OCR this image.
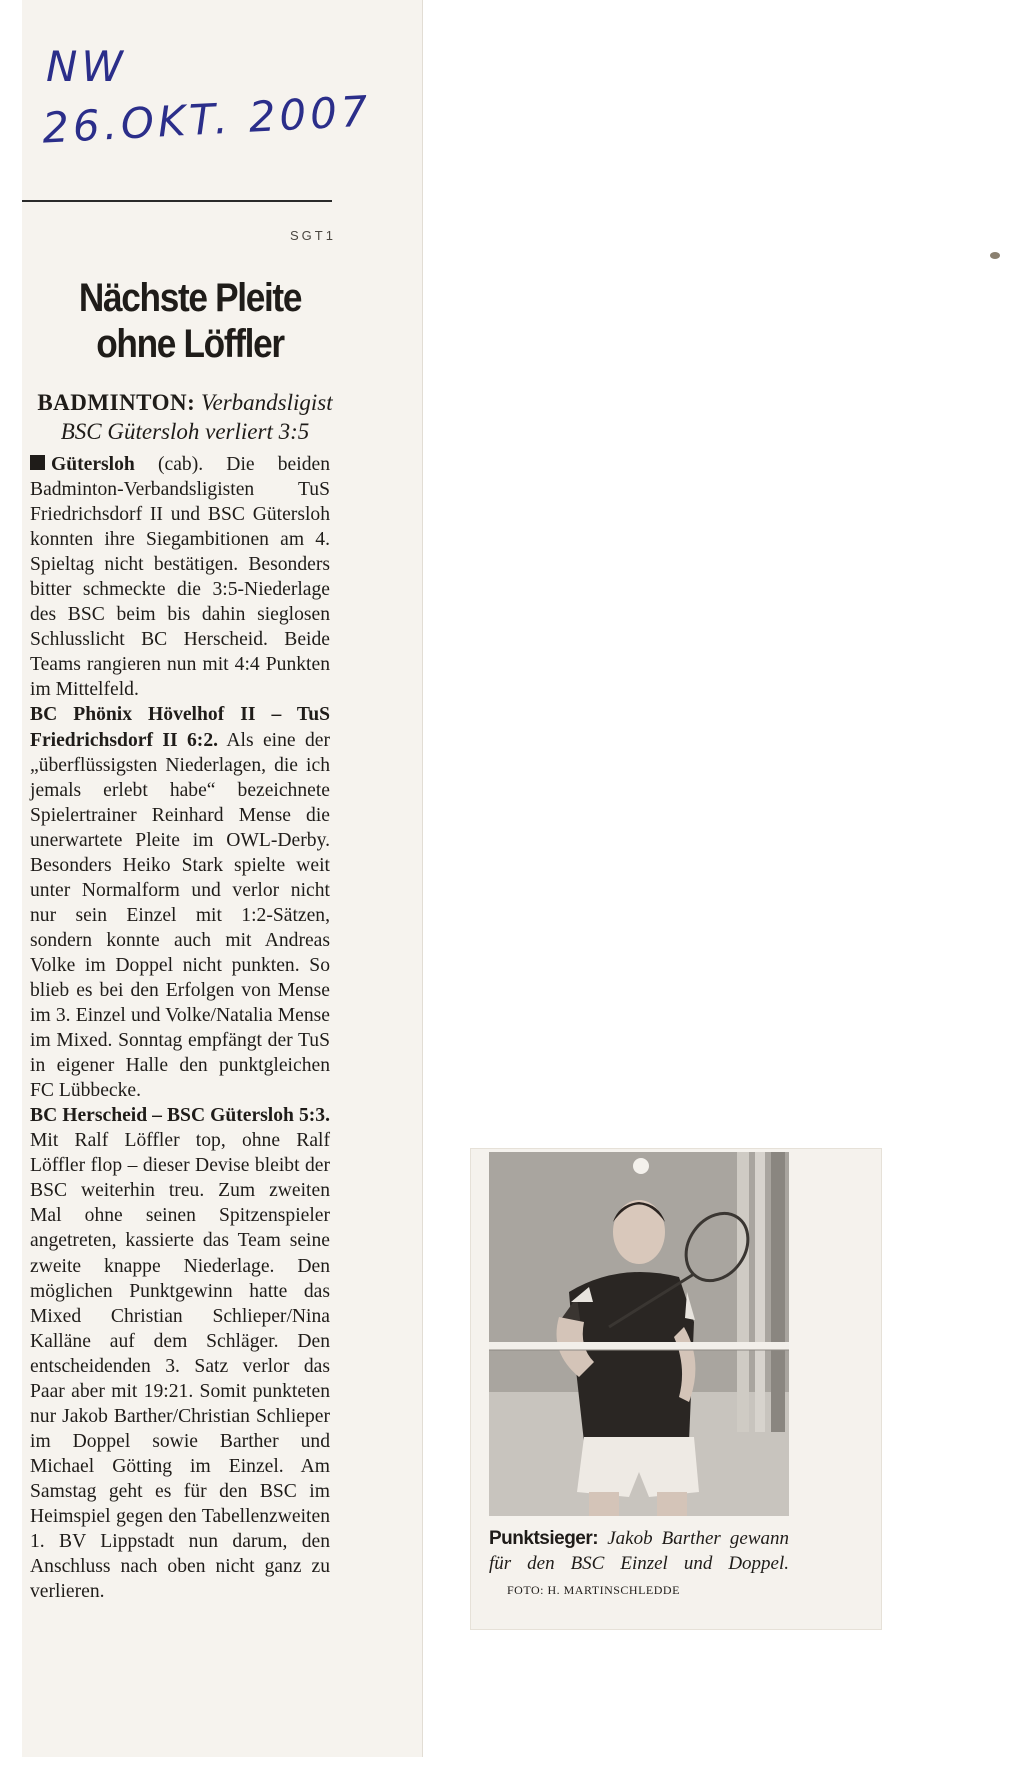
NW
26.OKT. 2007
SGT1
Nächste Pleite
ohne Löffler
BADMINTON: Verbandsligist
BSC Gütersloh verliert 3:5

Gütersloh (cab). Die beiden Badminton-Verbandsligisten TuS Friedrichsdorf II und BSC Gütersloh konnten ihre Siegambitionen am 4. Spieltag nicht bestätigen. Besonders bitter schmeckte die 3:5-Niederlage des BSC beim bis dahin sieglosen Schlusslicht BC Herscheid. Beide Teams rangieren nun mit 4:4 Punkten im Mittelfeld.

BC Phönix Hövelhof II – TuS Friedrichsdorf II 6:2. Als eine der „überflüssigsten Niederlagen, die ich jemals erlebt habe“ bezeichnete Spielertrainer Reinhard Mense die unerwartete Pleite im OWL-Derby. Besonders Heiko Stark spielte weit unter Normalform und verlor nicht nur sein Einzel mit 1:2-Sätzen, sondern konnte auch mit Andreas Volke im Doppel nicht punkten. So blieb es bei den Erfolgen von Mense im 3. Einzel und Volke/Natalia Mense im Mixed. Sonntag empfängt der TuS in eigener Halle den punktgleichen FC Lübbecke.

BC Herscheid – BSC Gütersloh 5:3. Mit Ralf Löffler top, ohne Ralf Löffler flop – dieser Devise bleibt der BSC weiterhin treu. Zum zweiten Mal ohne seinen Spitzenspieler angetreten, kassierte das Team seine zweite knappe Niederlage. Den möglichen Punktgewinn hatte das Mixed Christian Schlieper/Nina Kalläne auf dem Schläger. Den entscheidenden 3. Satz verlor das Paar aber mit 19:21. Somit punkteten nur Jakob Barther/Christian Schlieper im Doppel sowie Barther und Michael Götting im Einzel. Am Samstag geht es für den BSC im Heimspiel gegen den Tabellenzweiten 1. BV Lippstadt nun darum, den Anschluss nach oben nicht ganz zu verlieren.

Punktsieger: Jakob Barther gewann für den BSC Einzel und Doppel. FOTO: H. MARTINSCHLEDDE
